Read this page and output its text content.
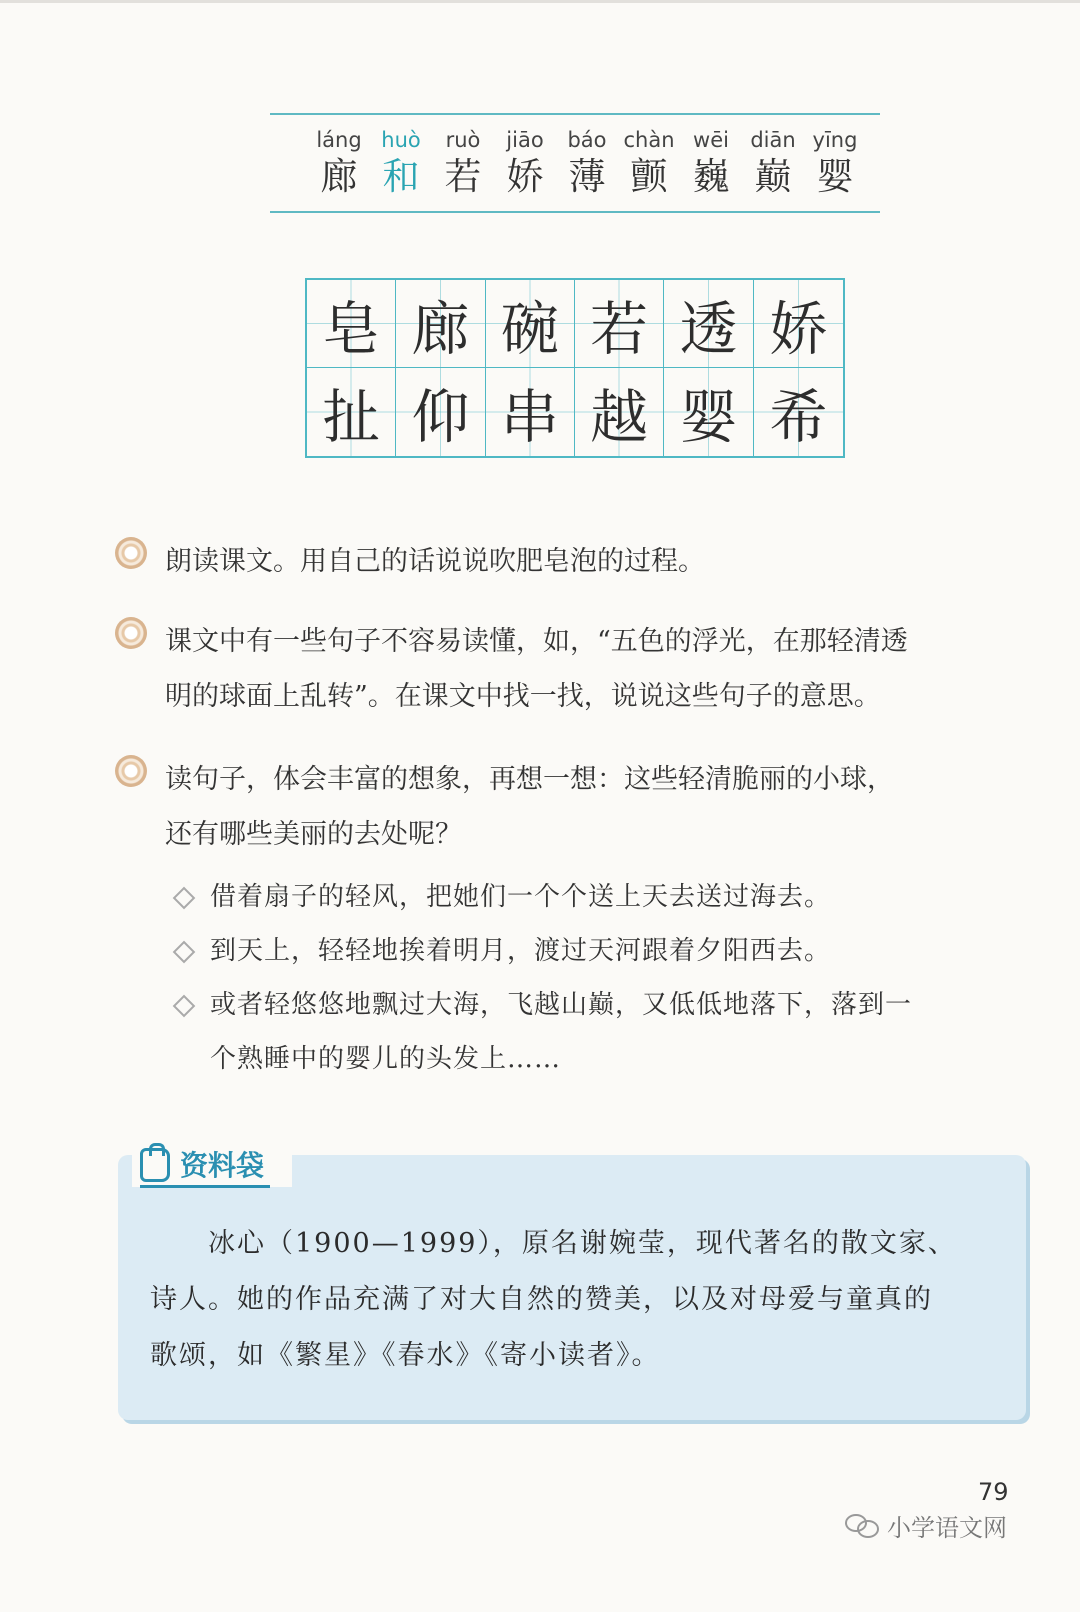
láng
廊
huò
和
ruò
若
jiāo
娇
báo
薄
chàn
颤
wēi
巍
diān
巅
yīng
婴
皂 廊 碗 若 透 娇
扯 仰 串 越 婴 希
朗读课文。用自己的话说说吹肥皂泡的过程。
课文中有一些句子不容易读懂，如，“五色的浮光，在那轻清透
明的球面上乱转”。在课文中找一找，说说这些句子的意思。
读句子，体会丰富的想象，再想一想：这些轻清脆丽的小球，
还有哪些美丽的去处呢？
借着扇子的轻风，把她们一个个送上天去送过海去。
到天上，轻轻地挨着明月，渡过天河跟着夕阳西去。
或者轻悠悠地飘过大海，飞越山巅，又低低地落下，落到一
个熟睡中的婴儿的头发上……
资料袋
冰心（1900—1999），原名谢婉莹，现代著名的散文家、
诗人。她的作品充满了对大自然的赞美，以及对母爱与童真的
歌颂，如《繁星》《春水》《寄小读者》。
79
小学语文网
